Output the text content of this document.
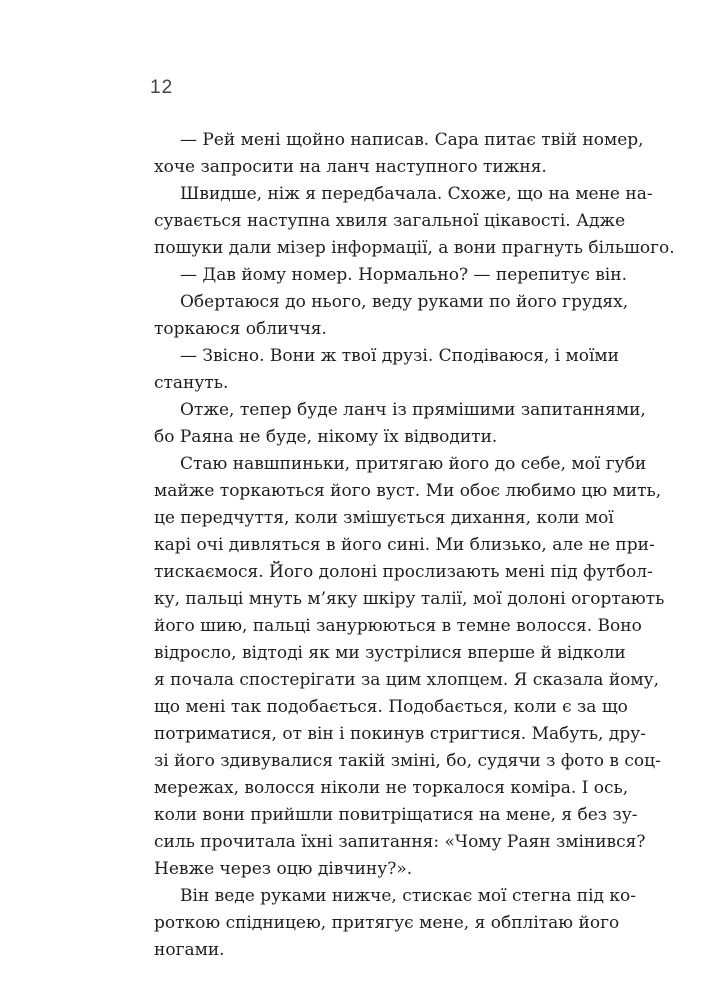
12

— Рей мені щойно написав. Сара питає твій номер,
хоче запросити на ланч наступного тижня.

Швидше, ніж я передбачала. Схоже, що на мене на-
сувається наступна хвиля загальної цікавості. Адже
пошуки дали мізер інформації, а вони прагнуть більшого.

— Дав йому номер. Нормально? — перепитує він.

Обертаюся до нього, веду руками по його грудях,
торкаюся обличчя.

— Звісно. Вони ж твої друзі. Сподіваюся, і моїми
стануть.

Отже, тепер буде ланч із прямішими запитаннями,
бо Раяна не буде, нікому їх відводити.

Стаю навшпиньки, притягаю його до себе, мої губи
майже торкаються його вуст. Ми обоє любимо цю мить,
це передчуття, коли змішується дихання, коли мої
карі очі дивляться в його сині. Ми близько, але не при-
тискаємося. Його долоні прослизають мені під футбол-
ку, пальці мнуть м’яку шкіру талії, мої долоні огортають
його шию, пальці занурюються в темне волосся. Воно
відросло, відтоді як ми зустрілися вперше й відколи
я почала спостерігати за цим хлопцем. Я сказала йому,
що мені так подобається. Подобається, коли є за що
потриматися, от він і покинув стригтися. Мабуть, дру-
зі його здивувалися такій зміні, бо, судячи з фото в соц-
мережах, волосся ніколи не торкалося коміра. І ось,
коли вони прийшли повитріщатися на мене, я без зу-
силь прочитала їхні запитання: «Чому Раян змінився?
Невже через оцю дівчину?».

Він веде руками нижче, стискає мої стегна під ко-
роткою спідницею, притягує мене, я обплітаю його
ногами.
